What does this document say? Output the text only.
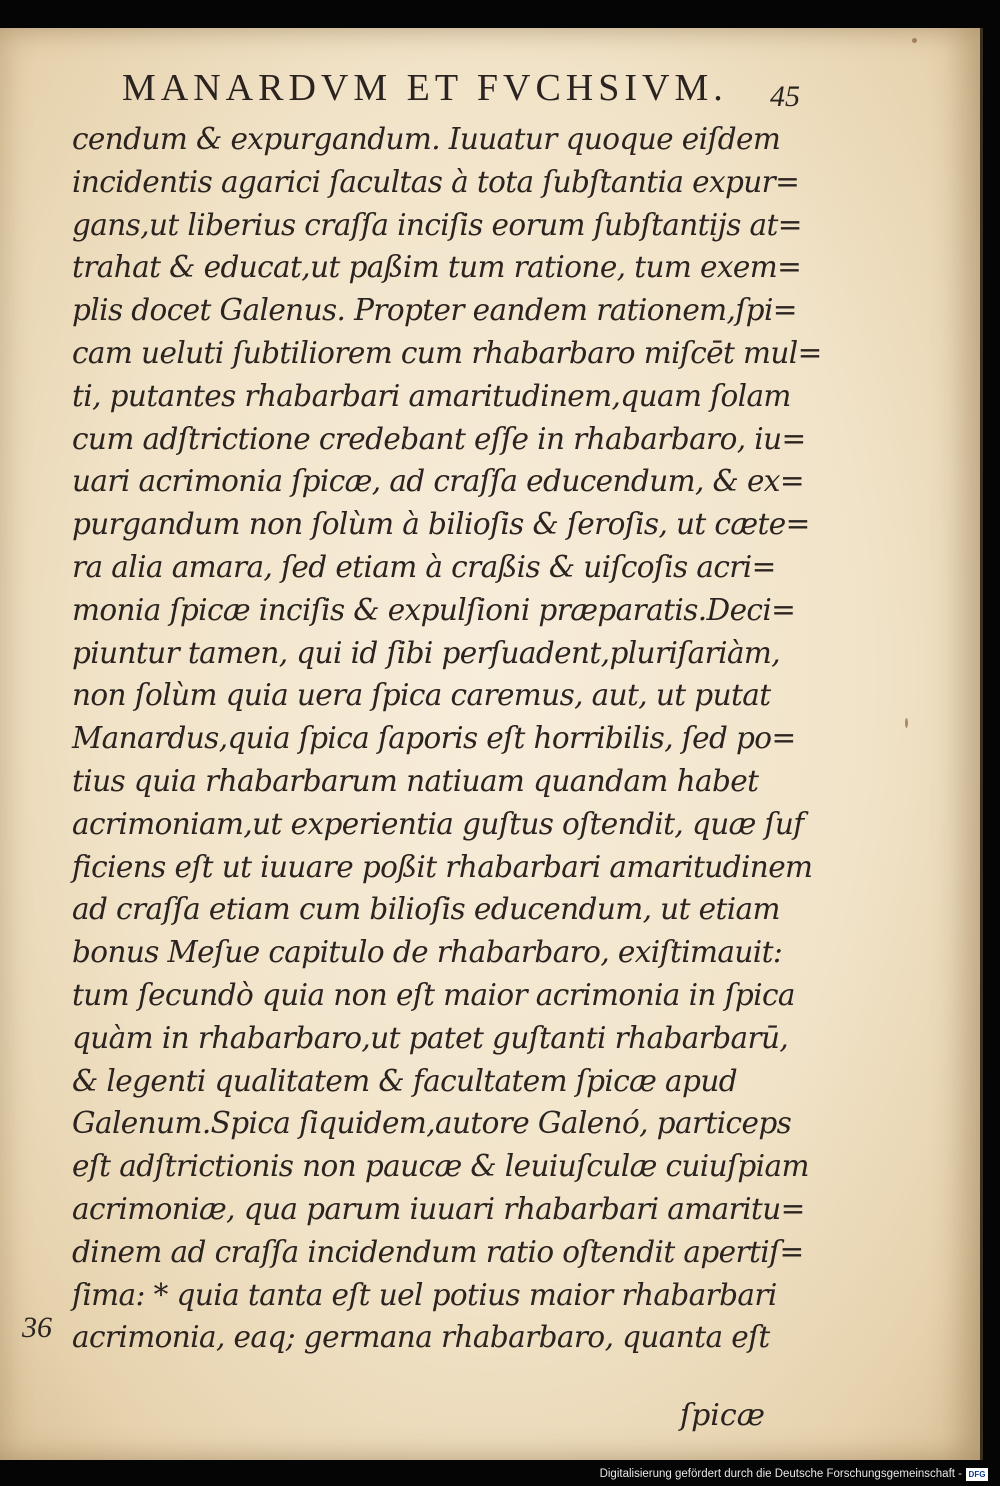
MANARDVM ET FVCHSIVM. 45
cendum & expurgandum. Iuuatur quoque eiſdem
incidentis agarici ſacultas à tota ſubſtantia expur=
gans,ut liberius craſſa inciſis eorum ſubſtantijs at=
trahat & educat,ut paßim tum ratione, tum exem=
plis docet Galenus. Propter eandem rationem,ſpi=
cam ueluti ſubtiliorem cum rhabarbaro miſcēt mul=
ti, putantes rhabarbari amaritudinem,quam ſolam
cum adſtrictione credebant eſſe in rhabarbaro, iu=
uari acrimonia ſpicæ, ad craſſa educendum, & ex=
purgandum non ſolùm à bilioſis & ſeroſis, ut cæte=
ra alia amara, ſed etiam à craßis & uiſcoſis acri=
monia ſpicæ inciſis & expulſioni præparatis.Deci=
piuntur tamen, qui id ſibi perſuadent,pluriſariàm,
non ſolùm quia uera ſpica caremus, aut, ut putat
Manardus,quia ſpica ſaporis eſt horribilis, ſed po=
tius quia rhabarbarum natiuam quandam habet
acrimoniam,ut experientia guſtus oſtendit, quæ ſuf
ficiens eſt ut iuuare poßit rhabarbari amaritudinem
ad craſſa etiam cum bilioſis educendum, ut etiam
bonus Meſue capitulo de rhabarbaro, exiſtimauit:
tum ſecundò quia non eſt maior acrimonia in ſpica
quàm in rhabarbaro,ut patet guſtanti rhabarbarū,
& legenti qualitatem & facultatem ſpicæ apud
Galenum.Spica ſiquidem,autore Galenó, particeps
eſt adſtrictionis non paucæ & leuiuſculæ cuiuſpiam
acrimoniæ, qua parum iuuari rhabarbari amaritu=
dinem ad craſſa incidendum ratio oſtendit apertiſ=
ſima: * quia tanta eſt uel potius maior rhabarbari
acrimonia, eaq; germana rhabarbaro, quanta eſt
36
ſpicæ
Digitalisierung gefördert durch die Deutsche Forschungsgemeinschaft - DFG
